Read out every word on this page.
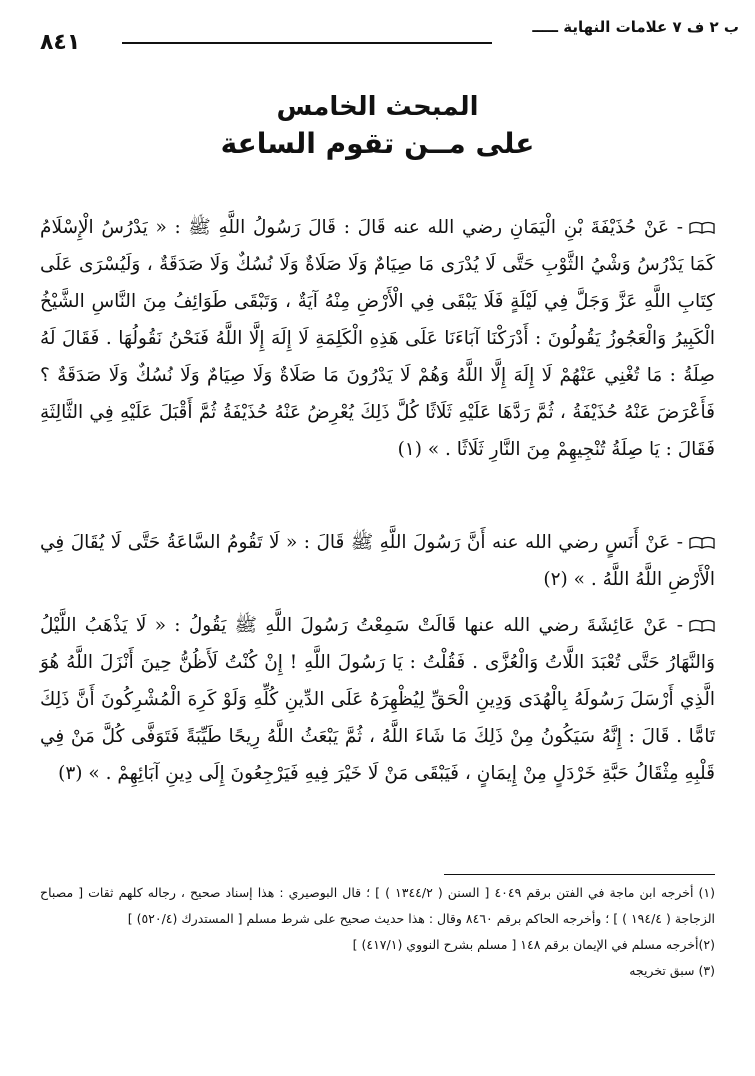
ب ٢ ف ٧ علامات النهاية ـــــ
٨٤١
المبحث الخامس
على مــن تقوم الساعة

- عَنْ حُذَيْفَةَ بْنِ الْيَمَانِ رضي الله عنه قَالَ : قَالَ رَسُولُ اللَّهِ ﷺ : « يَدْرُسُ الْإِسْلَامُ كَمَا يَدْرُسُ وَشْيُ الثَّوْبِ حَتَّى لَا يُدْرَى مَا صِيَامٌ وَلَا صَلَاةٌ وَلَا نُسُكٌ وَلَا صَدَقَةٌ ، وَلَيُسْرَى عَلَى كِتَابِ اللَّهِ عَزَّ وَجَلَّ فِي لَيْلَةٍ فَلَا يَبْقَى فِي الْأَرْضِ مِنْهُ آيَةٌ ، وَتَبْقَى طَوَائِفُ مِنَ النَّاسِ الشَّيْخُ الْكَبِيرُ وَالْعَجُوزُ يَقُولُونَ : أَدْرَكْنَا آبَاءَنَا عَلَى هَذِهِ الْكَلِمَةِ لَا إِلَهَ إِلَّا اللَّهُ فَنَحْنُ نَقُولُهَا . فَقَالَ لَهُ صِلَةُ : مَا تُغْنِي عَنْهُمْ لَا إِلَهَ إِلَّا اللَّهُ وَهُمْ لَا يَدْرُونَ مَا صَلَاةٌ وَلَا صِيَامٌ وَلَا نُسُكٌ وَلَا صَدَقَةٌ ؟ فَأَعْرَضَ عَنْهُ حُذَيْفَةُ ، ثُمَّ رَدَّهَا عَلَيْهِ ثَلَاثًا كُلَّ ذَلِكَ يُعْرِضُ عَنْهُ حُذَيْفَةُ ثُمَّ أَقْبَلَ عَلَيْهِ فِي الثَّالِثَةِ فَقَالَ : يَا صِلَةُ تُنْجِيهِمْ مِنَ النَّارِ ثَلَاثًا . » (١)

- عَنْ أَنَسٍ رضي الله عنه أَنَّ رَسُولَ اللَّهِ ﷺ قَالَ : « لَا تَقُومُ السَّاعَةُ حَتَّى لَا يُقَالَ فِي الْأَرْضِ اللَّهُ اللَّهُ . » (٢)

- عَنْ عَائِشَةَ رضي الله عنها قَالَتْ سَمِعْتُ رَسُولَ اللَّهِ ﷺ يَقُولُ : « لَا يَذْهَبُ اللَّيْلُ وَالنَّهَارُ حَتَّى تُعْبَدَ اللَّاتُ وَالْعُزَّى . فَقُلْتُ : يَا رَسُولَ اللَّهِ ! إِنْ كُنْتُ لَأَظُنُّ حِينَ أَنْزَلَ اللَّهُ هُوَ الَّذِي أَرْسَلَ رَسُولَهُ بِالْهُدَى وَدِينِ الْحَقِّ لِيُظْهِرَهُ عَلَى الدِّينِ كُلِّهِ وَلَوْ كَرِهَ الْمُشْرِكُونَ أَنَّ ذَلِكَ تَامًّا . قَالَ : إِنَّهُ سَيَكُونُ مِنْ ذَلِكَ مَا شَاءَ اللَّهُ ، ثُمَّ يَبْعَثُ اللَّهُ رِيحًا طَيِّبَةً فَتَوَفَّى كُلَّ مَنْ فِي قَلْبِهِ مِثْقَالُ حَبَّةِ خَرْدَلٍ مِنْ إِيمَانٍ ، فَيَبْقَى مَنْ لَا خَيْرَ فِيهِ فَيَرْجِعُونَ إِلَى دِينِ آبَائِهِمْ . » (٣)

(١) أخرجه ابن ماجة في الفتن برقم ٤٠٤٩ [ السنن ( ١٣٤٤/٢ ) ] ؛ قال البوصيري : هذا إسناد صحيح ، رجاله كلهم ثقات [ مصباح الزجاجة ( ١٩٤/٤ ) ] ؛ وأخرجه الحاكم برقم ٨٤٦٠ وقال : هذا حديث صحيح على شرط مسلم [ المستدرك (٥٢٠/٤) ]

(٢)أخرجه مسلم في الإيمان برقم ١٤٨ [ مسلم بشرح النووي (٤١٧/١) ]

(٣) سبق تخريجه
